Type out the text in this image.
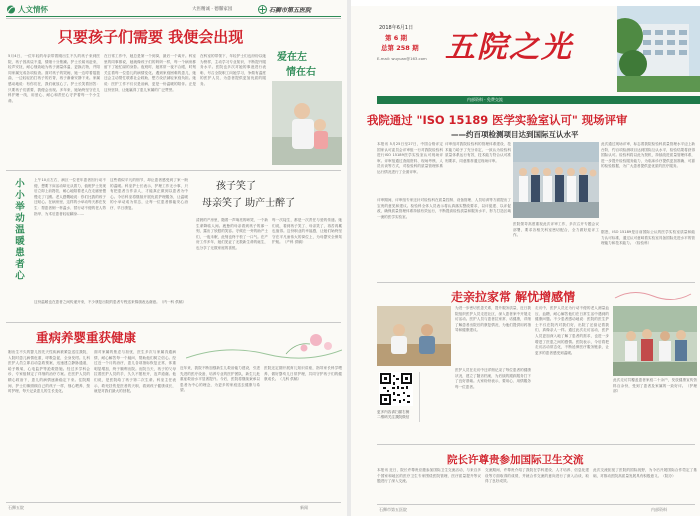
人文情怀	大医精诚 · 德馨家园	石狮市第五医院
只要孩子们需要 我便会出现
5月4日，一位年轻的母亲带着刚出生不久的孩子来到医院，孩子因高烧不退，情绪十分焦躁。护士长闻讯赶来，轻声安抚，耐心细致地为孩子测量体温、更换衣物，并陪同家属完成各项检查。面对孩子的哭闹，她一边哼着摇篮曲，一边轻轻拍打孩子的后背，孩子渐渐安静下来。家属感动地说：有你们在，我们就放心了。护士长笑着回答：只要孩子们需要，我便会出现。多年来，她始终坚守在儿科护理一线，用爱心、耐心和责任心守护着每一个小生命。
在日常工作中，她总是第一个到岗，最后一个离开。科室里的同事都说，她就像孩子们的妈妈一样，每一个病房都留下了她忙碌的身影。夜班时，她常常一夜不合眼，时刻关注着每一位患儿的病情变化。遇到家庭困难的患儿，她还会主动帮忙联系社会救助，想方设法减轻家庭负担。她说：医护工作不仅仅是治病，更是一份温暖的陪伴。正是这份坚持，让她赢得了患儿家属的广泛赞誉。
在科室的带领下，年轻护士们也纷纷以她为榜样，主动学习专业知识，不断提升服务水平。医院也多次对她的事迹进行表彰，号召全院职工向她学习，争做有温度的医护人员，为患者提供更加优质的服务。
爱在左
情在右
小小举动温暖患者心	上午10点左右，病区一位老年患者因行动不便，想要下床活动却无从着力，值班护士发现后立即上前搀扶，耐心地陪着老人在走廊里慢慢走了几圈。老人感慨地说：你们比我的孩子还贴心。在病房里，这样的小举动每天都在发生：帮患者倒一杯温水、替行动不便的老人剪指甲、为术后患者轻轻翻身……
这些看似平凡的细节，却让患者感受到了家一般的温暖。科室护士长表示，护理工作无小事，只有把患者当作亲人，才能真正做到以患者为中心。今后科室将继续开展优质护理服务，让温暖的小举动成为常态，让每一位患者都能安心治疗、早日康复。
这份温暖也在患者之间传递开来，不少康复出院的患者专程送来锦旗表达谢意。（内一科 供稿）
孩子笑了
母亲笑了 助产士醉了
清晨的产房里，随着一声响亮的啼哭，一个新生命降临人间。疲惫的母亲看到孩子的那一刻，露出了欣慰的笑容。守候在一旁的助产士们，一夜未眠，此刻也终于松了一口气。在产房工作多年，她们见证了无数新生命的诞生，也分享了无数家庭的喜悦。
每一次接生，都是一次责任与爱的传递。她们说，看到孩子笑了、母亲笑了，再苦再累也值得。这份职业的幸福感，让她们始终坚守在平凡而伟大的岗位上，为母婴安全保驾护航。（产科 供稿）
重病养婴重获健康
刚出生不久的婴儿因先天性疾病被紧急送往我院，入院时患儿病情危重，呼吸急促，全身发绀。儿科医护人员立即启动急救预案，迅速建立静脉通道，给予吸氧、心电监护等抢救措施。经过多学科会诊，专家组制定了详细的治疗方案。在医护人员的精心救治下，患儿的病情逐渐稳定下来。住院期间，护士们像照顾自己的孩子一样，细心喂养、按时护理，每天记录患儿的生长变化。
面对家属的焦虑与担忧，医生多次与家属沟通病情，耐心解答每一个疑问，帮助他们树立信心。经过近一个月的治疗，患儿各项指标恢复正常，体重明显增加，终于顺利出院。出院当天，孩子的父母拉着医护人员的手，久久不愿松开，连声道谢。他们说，是医院给了孩子第二次生命。科室主任表示，救死扶伤是医者的天职，看到孩子健康成长，就是对我们最大的回报。
近年来，我院不断加强新生儿救治能力建设，引进先进的医疗设备，培养专业的医护团队，新生儿危重症救治水平显著提升。今后，医院将继续秉承以患者为中心的理念，为更多的家庭送去健康与希望。
医院还定期开展育儿知识讲座，指导家长科学喂养，做好婴幼儿日常护理，共同守护孩子们的健康成长。（儿科 供稿）
石狮五院	新闻
2018年6月1日
第 6 期
总第 258 期
E-mail: wuyuan@163.com 五院之光
内部资料 · 免费交流
我院通过 "ISO 15189 医学实验室认可" 现场评审
——约百项检测项目达到国际互认水平
本报讯 5月25日至27日，中国合格评定国家认可委员会评审组一行对我院检验科进行ISO 15189医学实验室认可现场评审。评审组通过查阅资料、现场考核、人员访谈等方式，对检验科的质量管理体系运行情况进行了全面评审。
评审组对我院检验科的管理体系建设、技术能力给予了充分肯定，一致认为检验科质量体系运行有效，技术能力符合认可准则要求，同意推荐通过现场评审。
此次通过现场评审，标志着我院检验科质量管理水平迈上新台阶，约百项检测项目达到国际互认水平，检验结果将获得国际认可。检验科将以此为契机，持续改进质量管理体系，进一步提升检验服务能力，为临床诊疗提供更加准确、可靠的检验数据，为广大患者提供更优质的医疗服务。
评审期间，评审组专家还针对检验科在质量控制、设备管理、人员培训等方面提出了宝贵的意见和建议。检验科全体人员表示将认真落实整改要求，以评促建、以评促改，确保质量管理体系持续有效运行，不断提高检验质量和服务水平，努力打造区域一流的医学实验室。
医院领导高度重视此次评审工作，多次召开专题会议部署，要求各相关科室密切配合，全力做好迎评工作。
据悉，ISO 15189是目前国际公认的医学实验室质量和能力认可标准，通过认可意味着实验室具备国际先进水平的管理能力和技术能力。（检验科）
走亲拉家常 解忧增感情
为进一步密切医患关系，提升服务质量，近日我院组织医护人员走进社区，深入患者家中开展走访活动。医护人员与患者拉家常、话健康，详细了解患者出院后的康复情况，为他们提供用药指导和健康建议。
走访中，医护人员还为行动不便的老人测量血压、血糖，耐心解答他们在日常生活中遇到的健康问题。不少患者感动地说：医院的医生护士不仅在院内对我们好，出院了还惦记着我们，真像亲人一样。通过此次走访活动，医护人员更加深入地了解了患者的需求，也进一步增进了医患之间的感情。医院表示，今后将把走访活动常态化，不断延伸医疗服务链条，让更多的患者感受到温暖。
此次走访共覆盖患者家庭二十余户，发放健康宣传资料百余份，受到了患者及家属的一致好评。（护理部）
更多内容请扫描右侧
二维码关注我院微信
医护人员在走访中还详细记录了每位患者的健康状况，建立了随访档案，为后续的跟踪服务打下了良好基础。大家纷纷表示，要用心、用情服务每一位患者。
院长许尊贵参加国际卫生交流
本报讯 近日，院长许尊贵应邀参加国际卫生交流活动，与来自多个国家和地区的医疗卫生专家围绕医院管理、医疗质量提升等议题进行了深入交流。
交流期间，许尊贵介绍了我院在学科建设、人才培养、信息化建设等方面取得的成绩，并就合作交流的意向进行了深入洽谈，取得了良好成效。
此次交流拓宽了医院的国际视野，为今后开展国际合作奠定了基础，对推动医院高质量发展具有积极意义。（院办）
石狮市第五医院	内部资料
